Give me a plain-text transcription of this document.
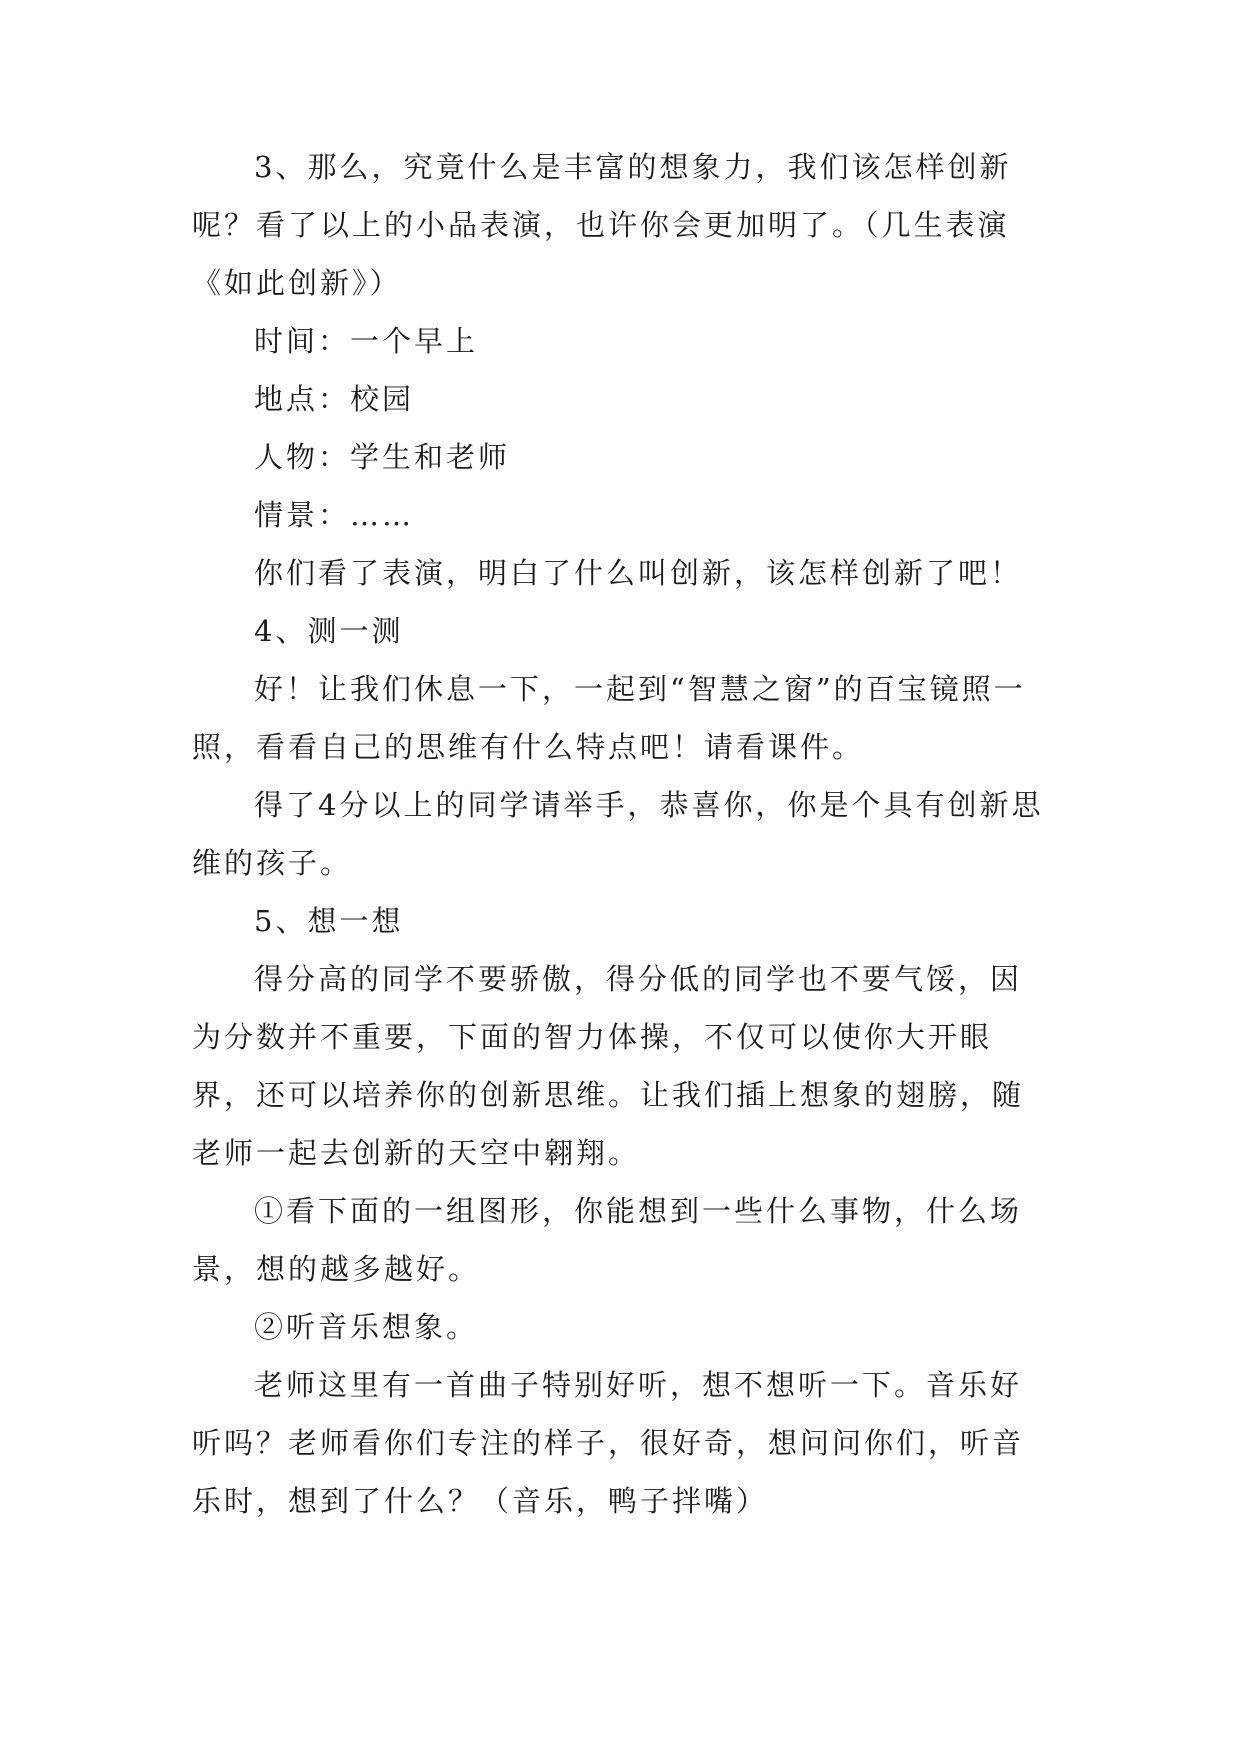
3、那么，究竟什么是丰富的想象力，我们该怎样创新呢？看了以上的小品表演，也许你会更加明了。（几生表演《如此创新》）

时间：一个早上

地点：校园

人物：学生和老师

情景：……

你们看了表演，明白了什么叫创新，该怎样创新了吧！

4、测一测

好！让我们休息一下，一起到“智慧之窗”的百宝镜照一照，看看自己的思维有什么特点吧！请看课件。

得了4分以上的同学请举手，恭喜你，你是个具有创新思维的孩子。

5、想一想

得分高的同学不要骄傲，得分低的同学也不要气馁，因为分数并不重要，下面的智力体操，不仅可以使你大开眼界，还可以培养你的创新思维。让我们插上想象的翅膀，随老师一起去创新的天空中翱翔。

①看下面的一组图形，你能想到一些什么事物，什么场景，想的越多越好。

②听音乐想象。

老师这里有一首曲子特别好听，想不想听一下。音乐好听吗？老师看你们专注的样子，很好奇，想问问你们，听音乐时，想到了什么？（音乐，鸭子拌嘴）
